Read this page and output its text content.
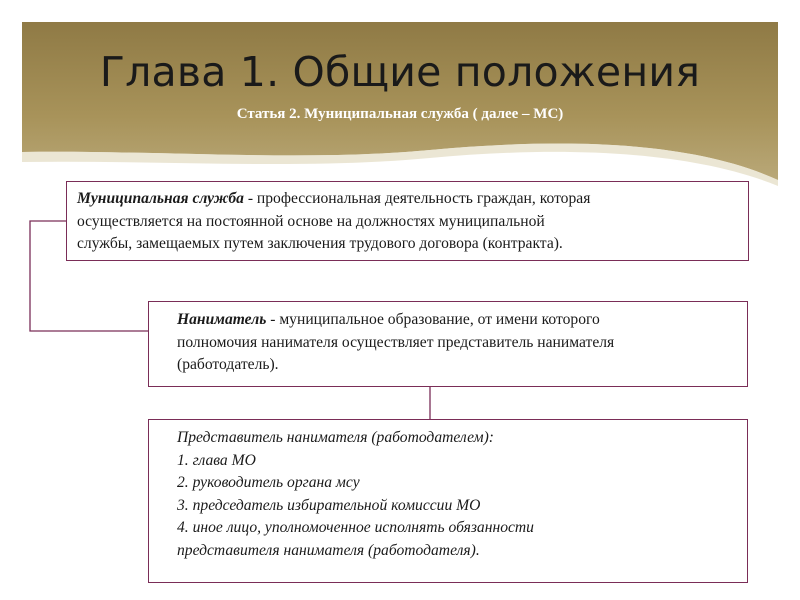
Глава 1. Общие положения
Статья 2. Муниципальная служба ( далее – МС)
Муниципальная служба - профессиональная деятельность граждан, которая
осуществляется на постоянной основе на должностях муниципальной
службы, замещаемых путем заключения трудового договора (контракта).
Наниматель - муниципальное образование, от имени которого
полномочия нанимателя осуществляет представитель нанимателя
(работодатель).
Представитель нанимателя (работодателем):
1. глава МО
2. руководитель органа мсу
3. председатель избирательной комиссии МО
4. иное лицо, уполномоченное исполнять обязанности
представителя нанимателя (работодателя).
